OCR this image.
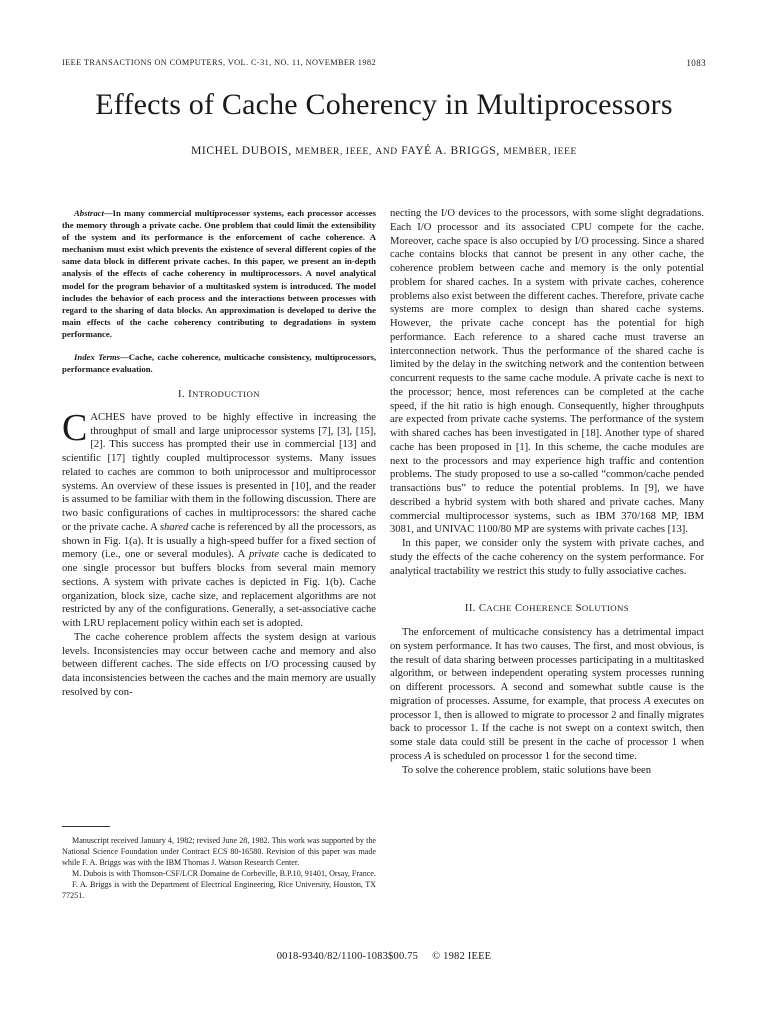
IEEE TRANSACTIONS ON COMPUTERS, VOL. C-31, NO. 11, NOVEMBER 1982	1083
Effects of Cache Coherency in Multiprocessors
MICHEL DUBOIS, MEMBER, IEEE, AND FAYÉ A. BRIGGS, MEMBER, IEEE

Abstract—In many commercial multiprocessor systems, each processor accesses the memory through a private cache. One problem that could limit the extensibility of the system and its performance is the enforcement of cache coherence. A mechanism must exist which prevents the existence of several different copies of the same data block in different private caches. In this paper, we present an in-depth analysis of the effects of cache coherency in multiprocessors. A novel analytical model for the program behavior of a multitasked system is introduced. The model includes the behavior of each process and the interactions between processes with regard to the sharing of data blocks. An approximation is developed to derive the main effects of the cache coherency contributing to degradations in system performance.

Index Terms—Cache, cache coherence, multicache consistency, multiprocessors, performance evaluation.

I. INTRODUCTION

CACHES have proved to be highly effective in increasing the throughput of small and large uniprocessor systems [7], [3], [15], [2]. This success has prompted their use in commercial [13] and scientific [17] tightly coupled multiprocessor systems. Many issues related to caches are common to both uniprocessor and multiprocessor systems. An overview of these issues is presented in [10], and the reader is assumed to be familiar with them in the following discussion. There are two basic configurations of caches in multiprocessors: the shared cache or the private cache. A shared cache is referenced by all the processors, as shown in Fig. 1(a). It is usually a high-speed buffer for a fixed section of memory (i.e., one or several modules). A private cache is dedicated to one single processor but buffers blocks from several main memory sections. A system with private caches is depicted in Fig. 1(b). Cache organization, block size, cache size, and replacement algorithms are not restricted by any of the configurations. Generally, a set-associative cache with LRU replacement policy within each set is adopted.

The cache coherence problem affects the system design at various levels. Inconsistencies may occur between cache and memory and also between different caches. The side effects on I/O processing caused by data inconsistencies between the caches and the main memory are usually resolved by con-

Manuscript received January 4, 1982; revised June 28, 1982. This work was supported by the National Science Foundation under Contract ECS 80-16580. Revision of this paper was made while F. A. Briggs was with the IBM Thomas J. Watson Research Center.

M. Dubois is with Thomson-CSF/LCR Domaine de Corbeville, B.P.10, 91401, Orsay, France.

F. A. Briggs is with the Department of Electrical Engineering, Rice University, Houston, TX 77251.

necting the I/O devices to the processors, with some slight degradations. Each I/O processor and its associated CPU compete for the cache. Moreover, cache space is also occupied by I/O processing. Since a shared cache contains blocks that cannot be present in any other cache, the coherence problem between cache and memory is the only potential problem for shared caches. In a system with private caches, coherence problems also exist between the different caches. Therefore, private cache systems are more complex to design than shared cache systems. However, the private cache concept has the potential for high performance. Each reference to a shared cache must traverse an interconnection network. Thus the performance of the shared cache is limited by the delay in the switching network and the contention between concurrent requests to the same cache module. A private cache is next to the processor; hence, most references can be completed at the cache speed, if the hit ratio is high enough. Consequently, higher throughputs are expected from private cache systems. The performance of the system with shared caches has been investigated in [18]. Another type of shared cache has been proposed in [1]. In this scheme, the cache modules are next to the processors and may experience high traffic and contention problems. The study proposed to use a so-called “common/cache pended transactions bus” to reduce the potential problems. In [9], we have described a hybrid system with both shared and private caches. Many commercial multiprocessor systems, such as IBM 370/168 MP, IBM 3081, and UNIVAC 1100/80 MP are systems with private caches [13].

In this paper, we consider only the system with private caches, and study the effects of the cache coherency on the system performance. For analytical tractability we restrict this study to fully associative caches.

II. CACHE COHERENCE SOLUTIONS

The enforcement of multicache consistency has a detrimental impact on system performance. It has two causes. The first, and most obvious, is the result of data sharing between processes participating in a multitasked algorithm, or between independent operating system processes running on different processors. A second and somewhat subtle cause is the migration of processes. Assume, for example, that process A executes on processor 1, then is allowed to migrate to processor 2 and finally migrates back to processor 1. If the cache is not swept on a context switch, then some stale data could still be present in the cache of processor 1 when process A is scheduled on processor 1 for the second time.

To solve the coherence problem, static solutions have been

0018-9340/82/1100-1083$00.75 © 1982 IEEE
